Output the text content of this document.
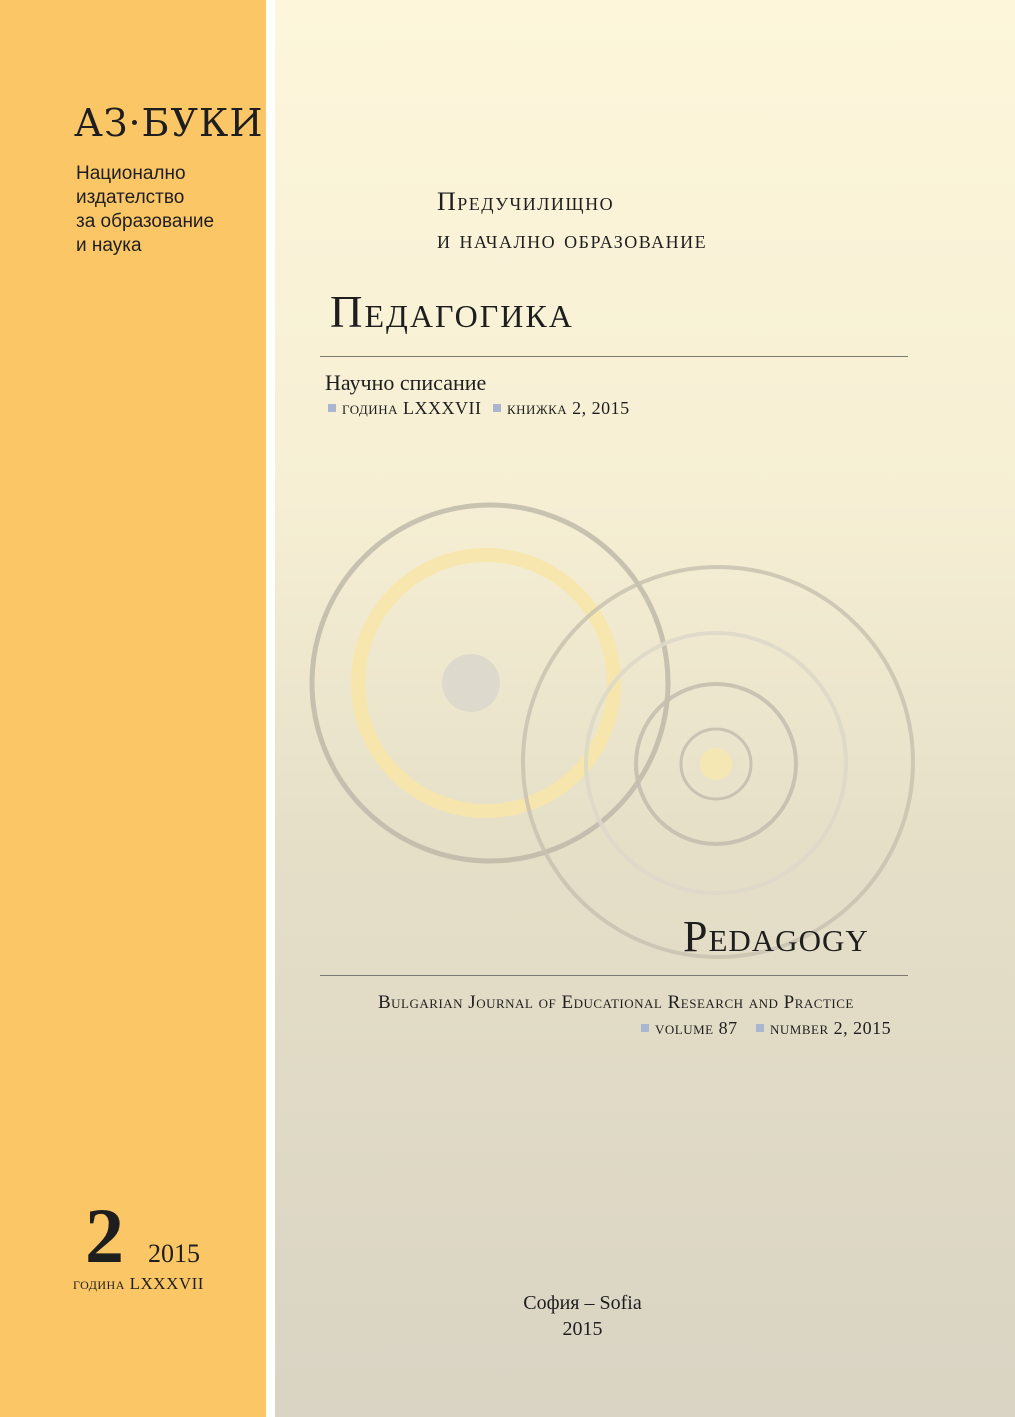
АЗ·БУКИ
Национално
издателство
за образование
и наука
Предучилищно
и начално образование
Педагогика
Научно списание
година LXXXVII	книжка 2, 2015
Pedagogy
Bulgarian Journal of Educational Research and Practice
volume 87	number 2, 2015
2 2015
година LXXXVII
София – Sofia
2015
